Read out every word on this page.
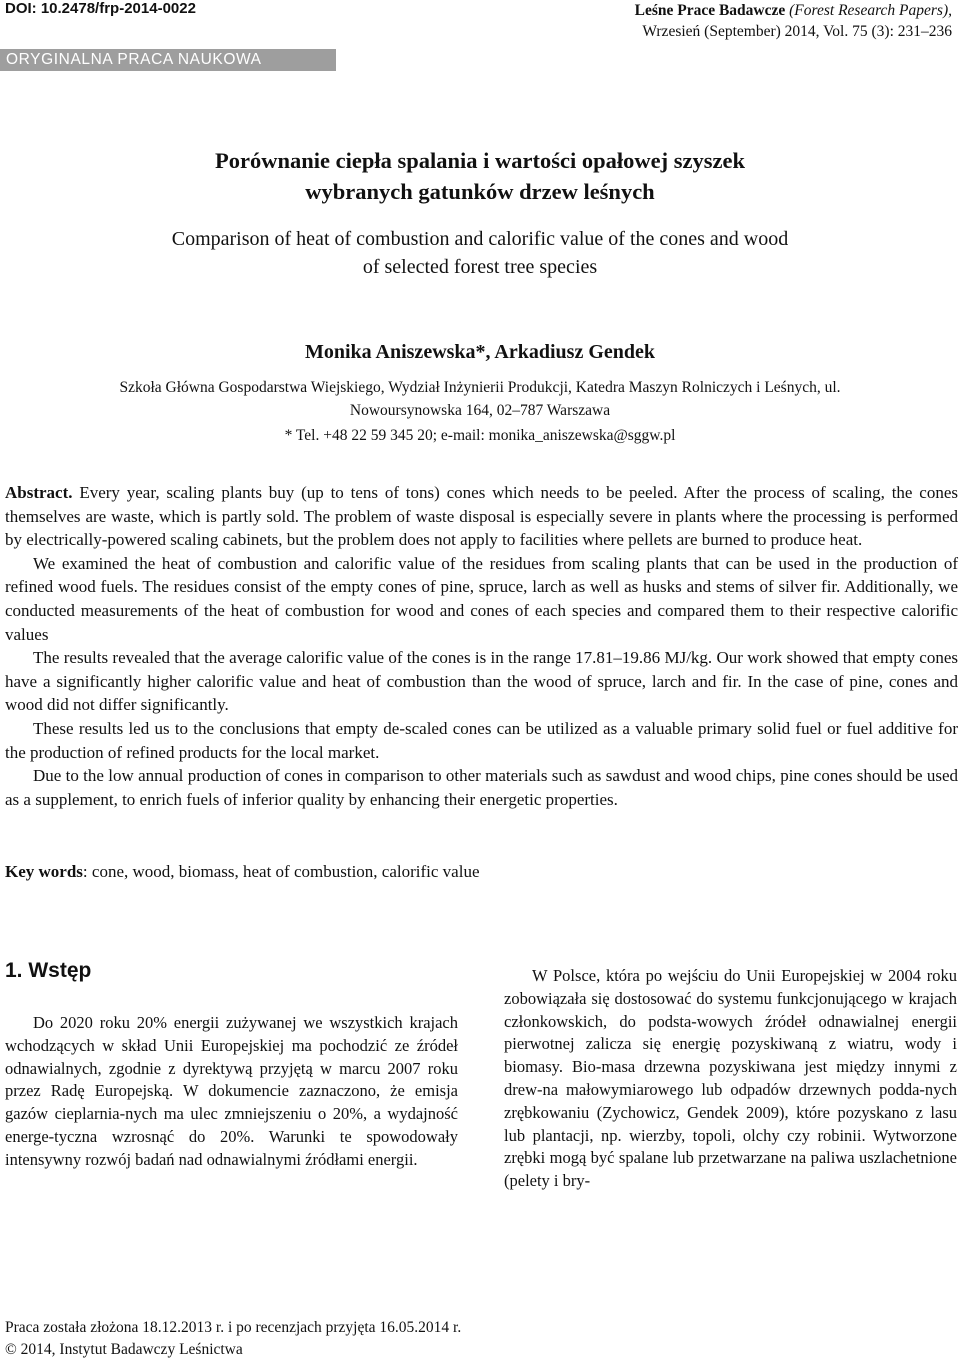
DOI: 10.2478/frp-2014-0022	Leśne Prace Badawcze (Forest Research Papers),
Wrzesień (September) 2014, Vol. 75 (3): 231–236
ORYGINALNA PRACA NAUKOWA
Porównanie ciepła spalania i wartości opałowej szyszek
wybranych gatunków drzew leśnych
Comparison of heat of combustion and calorific value of the cones and wood
of selected forest tree species
Monika Aniszewska*, Arkadiusz Gendek
Szkoła Główna Gospodarstwa Wiejskiego, Wydział Inżynierii Produkcji, Katedra Maszyn Rolniczych i Leśnych, ul.
Nowoursynowska 164, 02–787 Warszawa
* Tel. +48 22 59 345 20; e-mail: monika_aniszewska@sggw.pl

Abstract. Every year, scaling plants buy (up to tens of tons) cones which needs to be peeled. After the process of scaling, the cones themselves are waste, which is partly sold. The problem of waste disposal is especially severe in plants where the processing is performed by electrically-powered scaling cabinets, but the problem does not apply to facilities where pellets are burned to produce heat.

We examined the heat of combustion and calorific value of the residues from scaling plants that can be used in the production of refined wood fuels. The residues consist of the empty cones of pine, spruce, larch as well as husks and stems of silver fir. Additionally, we conducted measurements of the heat of combustion for wood and cones of each species and compared them to their respective calorific values

The results revealed that the average calorific value of the cones is in the range 17.81–19.86 MJ/kg. Our work showed that empty cones have a significantly higher calorific value and heat of combustion than the wood of spruce, larch and fir. In the case of pine, cones and wood did not differ significantly.

These results led us to the conclusions that empty de-scaled cones can be utilized as a valuable primary solid fuel or fuel additive for the production of refined products for the local market.

Due to the low annual production of cones in comparison to other materials such as sawdust and wood chips, pine cones should be used as a supplement, to enrich fuels of inferior quality by enhancing their energetic properties.

Key words: cone, wood, biomass, heat of combustion, calorific value
1. Wstęp

Do 2020 roku 20% energii zużywanej we wszystkich krajach wchodzących w skład Unii Europejskiej ma pochodzić ze źródeł odnawialnych, zgodnie z dyrektywą przyjętą w marcu 2007 roku przez Radę Europejską. W dokumencie zaznaczono, że emisja gazów cieplarnia-nych ma ulec zmniejszeniu o 20%, a wydajność energe-tyczna wzrosnąć do 20%. Warunki te spowodowały intensywny rozwój badań nad odnawialnymi źródłami energii.

W Polsce, która po wejściu do Unii Europejskiej w 2004 roku zobowiązała się dostosować do systemu funkcjonującego w krajach członkowskich, do podsta-wowych źródeł odnawialnej energii pierwotnej zalicza się energię pozyskiwaną z wiatru, wody i biomasy. Bio-masa drzewna pozyskiwana jest między innymi z drew-na małowymiarowego lub odpadów drzewnych podda-nych zrębkowaniu (Zychowicz, Gendek 2009), które pozyskano z lasu lub plantacji, np. wierzby, topoli, olchy czy robinii. Wytworzone zrębki mogą być spalane lub przetwarzane na paliwa uszlachetnione (pelety i bry-

Praca została złożona 18.12.2013 r. i po recenzjach przyjęta 16.05.2014 r.
© 2014, Instytut Badawczy Leśnictwa
